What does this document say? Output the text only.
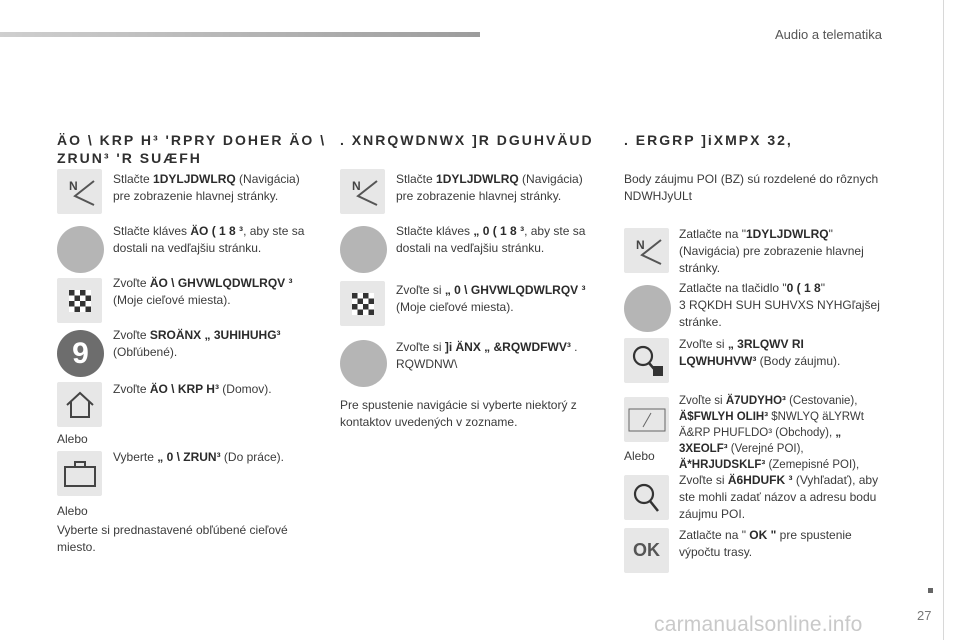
Audio a telematika
27
carmanualsonline.info
ÄO \ KRP H³ 'RPRY DOHER ÄO \
ZRUN³ 'R SUÆFH
N	Stlačte 1DYLJDWLRQ (Navigácia) pre zobrazenie hlavnej stránky.
Stlačte kláves ÄO ( 1 8 ³, aby ste sa dostali na vedľajšiu stránku.
Zvoľte ÄO \ GHVWLQDWLRQV ³ (Moje cieľové miesta).
9
Zvoľte SROÄNX „ 3UHIHUHG³ (Obľúbené).
Zvoľte ÄO \ KRP H³ (Domov).
Alebo
Vyberte „ 0 \ ZRUN³ (Do práce).
Alebo
Vyberte si prednastavené obľúbené cieľové miesto.
. XNRQWDNWX ]R DGUHVÄUD
N	Stlačte 1DYLJDWLRQ (Navigácia) pre zobrazenie hlavnej stránky.
Stlačte kláves „ 0 ( 1 8 ³, aby ste sa dostali na vedľajšiu stránku.
Zvoľte si „ 0 \ GHVWLQDWLRQV ³ (Moje cieľové miesta).
Zvoľte si ]i ÄNX „ &RQWDFWV³ . RQWDNW\
Pre spustenie navigácie si vyberte niektorý z kontaktov uvedených v zozname.
. ERGRP ]iXMPX 32,
Body záujmu POI (BZ) sú rozdelené do rôznych
NDWHJyULt
N
Zatlačte na "1DYLJDWLRQ" (Navigácia) pre zobrazenie hlavnej stránky.
Zatlačte na tlačidlo "0 ( 1 8"
3 RQKDH SUH SUHVXS NYHGľajšej
stránke.
Zvoľte si „ 3RLQWV RI LQWHUHVW³ (Body záujmu).
Zvoľte si Ä7UDYHO³ (Cestovanie), Ä$FWLYH OLIH³ $NWLYQ äLYRWt Ä&RP PHUFLDO³ (Obchody), „ 3XEOLF³ (Verejné POI), Ä*HRJUDSKLF³ (Zemepisné POI),
Alebo
Zvoľte si Ä6HDUFK ³ (Vyhľadať), aby ste mohli zadať názov a adresu bodu záujmu POI.
OK
Zatlačte na " OK " pre spustenie výpočtu trasy.
